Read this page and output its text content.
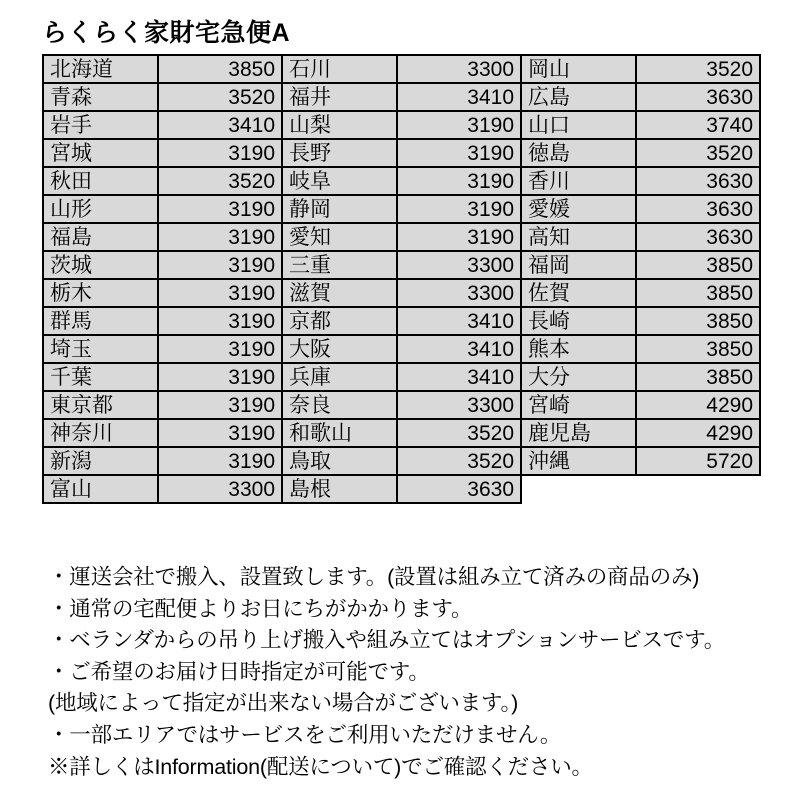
らくらく家財宅急便A
北海道	3850	石川	3300	岡山	3520
青森	3520	福井	3410	広島	3630
岩手	3410	山梨	3190	山口	3740
宮城	3190	長野	3190	徳島	3520
秋田	3520	岐阜	3190	香川	3630
山形	3190	静岡	3190	愛媛	3630
福島	3190	愛知	3190	高知	3630
茨城	3190	三重	3300	福岡	3850
栃木	3190	滋賀	3300	佐賀	3850
群馬	3190	京都	3410	長崎	3850
埼玉	3190	大阪	3410	熊本	3850
千葉	3190	兵庫	3410	大分	3850
東京都	3190	奈良	3300	宮崎	4290
神奈川	3190	和歌山	3520	鹿児島	4290
新潟	3190	鳥取	3520	沖縄	5720
富山	3300	島根	3630		
・運送会社で搬入、設置致します。(設置は組み立て済みの商品のみ)
・通常の宅配便よりお日にちがかかります。
・ベランダからの吊り上げ搬入や組み立てはオプションサービスです。
・ご希望のお届け日時指定が可能です。
(地域によって指定が出来ない場合がございます。)
・一部エリアではサービスをご利用いただけません。
※詳しくはInformation(配送について)でご確認ください。
